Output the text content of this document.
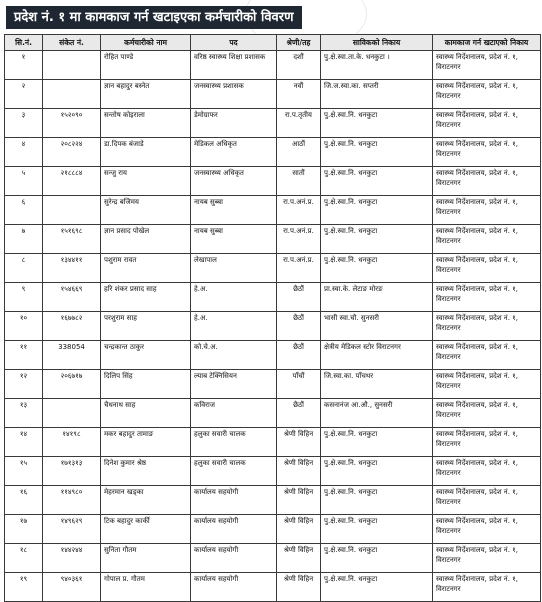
प्रदेश नं. १ मा कामकाज गर्न खटाइएका कर्मचारीको विवरण
सि.नं.	संकेत नं.	कर्मचारीको नाम	पद	श्रेणी/तह	साविकको निकाय	कामकाज गर्न खटाएको निकाय
१		रोहित पाण्डे	वरिष्ठ स्वास्थ्य शिक्षा प्रशासक	दशौं	पु.क्षे.स्वा.ता.के. धनकुटा ।	स्वास्थ्य निर्देशनालय, प्रदेश नं. १, विराटनगर
२		ज्ञान बहादुर बस्नेत	जनस्वास्थ्य प्रशासक	नवौं	जि.ज.स्वा.का. सप्तरी	स्वास्थ्य निर्देशनालय, प्रदेश नं. १, विराटनगर
३	१५२०९०	सन्तोष कोइराला	डेमोग्राफर	रा.प.तृतीय	पु.क्षे.स्वा.नि. धनकुटा	स्वास्थ्य निर्देशनालय, प्रदेश नं. १, विराटनगर
४	२०८२२४	डा.दिपक बंजाडे	मेडिकल अधिकृत	आठौं	पु.क्षे.स्वा.नि. धनकुटा	स्वास्थ्य निर्देशनालय, प्रदेश नं. १, विराटनगर
५	२१८८८४	सन्जु राय	जनस्वास्थ्य अधिकृत	सातौं	पु.क्षे.स्वा.नि. धनकुटा	स्वास्थ्य निर्देशनालय, प्रदेश नं. १, विराटनगर
६		सुरेन्द्र बजिमय	नायब सुब्बा	रा.प.अनं.प्र.	पु.क्षे.स्वा.नि. धनकुटा	स्वास्थ्य निर्देशनालय, प्रदेश नं. १, विराटनगर
७	१५१६९८	ज्ञान प्रसाद पोखेल	नायब सुब्बा	रा.प.अनं.प्र.	पु.क्षे.स्वा.नि. धनकुटा	स्वास्थ्य निर्देशनालय, प्रदेश नं. १, विराटनगर
८	१३४४११	पशुराम रावत	लेखापाल	रा.प.अनं.प्र.	पु.क्षे.स्वा.नि. धनकुटा	स्वास्थ्य निर्देशनालय, प्रदेश नं. १, विराटनगर
९	१५४६६९	हरि शंकर प्रसाद साह	हे.अ.	छैठौं	प्रा.स्वा.के. लेटाङ मोरङ	स्वास्थ्य निर्देशनालय, प्रदेश नं. १, विराटनगर
१०	१६७७८२	परशुराम साह	हे.अ.	छैठौं	भासी स्वा.चौ. सुनसरी	स्वास्थ्य निर्देशनालय, प्रदेश नं. १, विराटनगर
११	338054	चन्द्रकान्त ठाकुर	को.चे.अ.	छैठौं	क्षेत्रीय मेडिकल स्टोर विराटनगर	स्वास्थ्य निर्देशनालय, प्रदेश नं. १, विराटनगर
१२	२०६७१७	दिलिप सिंह	ल्याब टेक्निसियन	पाँचौं	जि.स्वा.का. पाँचथर	स्वास्थ्य निर्देशनालय, प्रदेश नं. १, विराटनगर
१३		चैधनाथ साह	कविराज	छैठौं	कसनानंज आ.औ., सुनसरी	स्वास्थ्य निर्देशनालय, प्रदेश नं. १, विराटनगर
१४	१४१९८	मकर बहादुर तामाङ	हलुका सवारी चालक	श्रेणी विहिन	पु.क्षे.स्वा.नि. धनकुटा	स्वास्थ्य निर्देशनालय, प्रदेश नं. १, विराटनगर
१५	१७१३१३	दिनेश कुमार श्रेष्ठ	हलुका सवारी चालक	श्रेणी विहिन	पु.क्षे.स्वा.नि. धनकुटा	स्वास्थ्य निर्देशनालय, प्रदेश नं. १, विराटनगर
१६	११४९८०	मेहरमान खड्का	कार्यालय सहयोगी	श्रेणी विहिन	पु.क्षे.स्वा.नि. धनकुटा	स्वास्थ्य निर्देशनालय, प्रदेश नं. १, विराटनगर
१७	१४९६२९	टिक बहादुर कार्की	कार्यालय सहयोगी	श्रेणी विहिन	पु.क्षे.स्वा.नि. धनकुटा	स्वास्थ्य निर्देशनालय, प्रदेश नं. १, विराटनगर
१८	१४४२४४	सुनिता गौतम	कार्यालय सहयोगी	श्रेणी विहिन	पु.क्षे.स्वा.नि. धनकुटा	स्वास्थ्य निर्देशनालय, प्रदेश नं. १, विराटनगर
१९	९४०३६१	गोपाल प्र. गौतम	कार्यालय सहयोगी	श्रेणी विहिन	पु.क्षे.स्वा.नि. धनकुटा	स्वास्थ्य निर्देशनालय, प्रदेश नं. १, विराटनगर
